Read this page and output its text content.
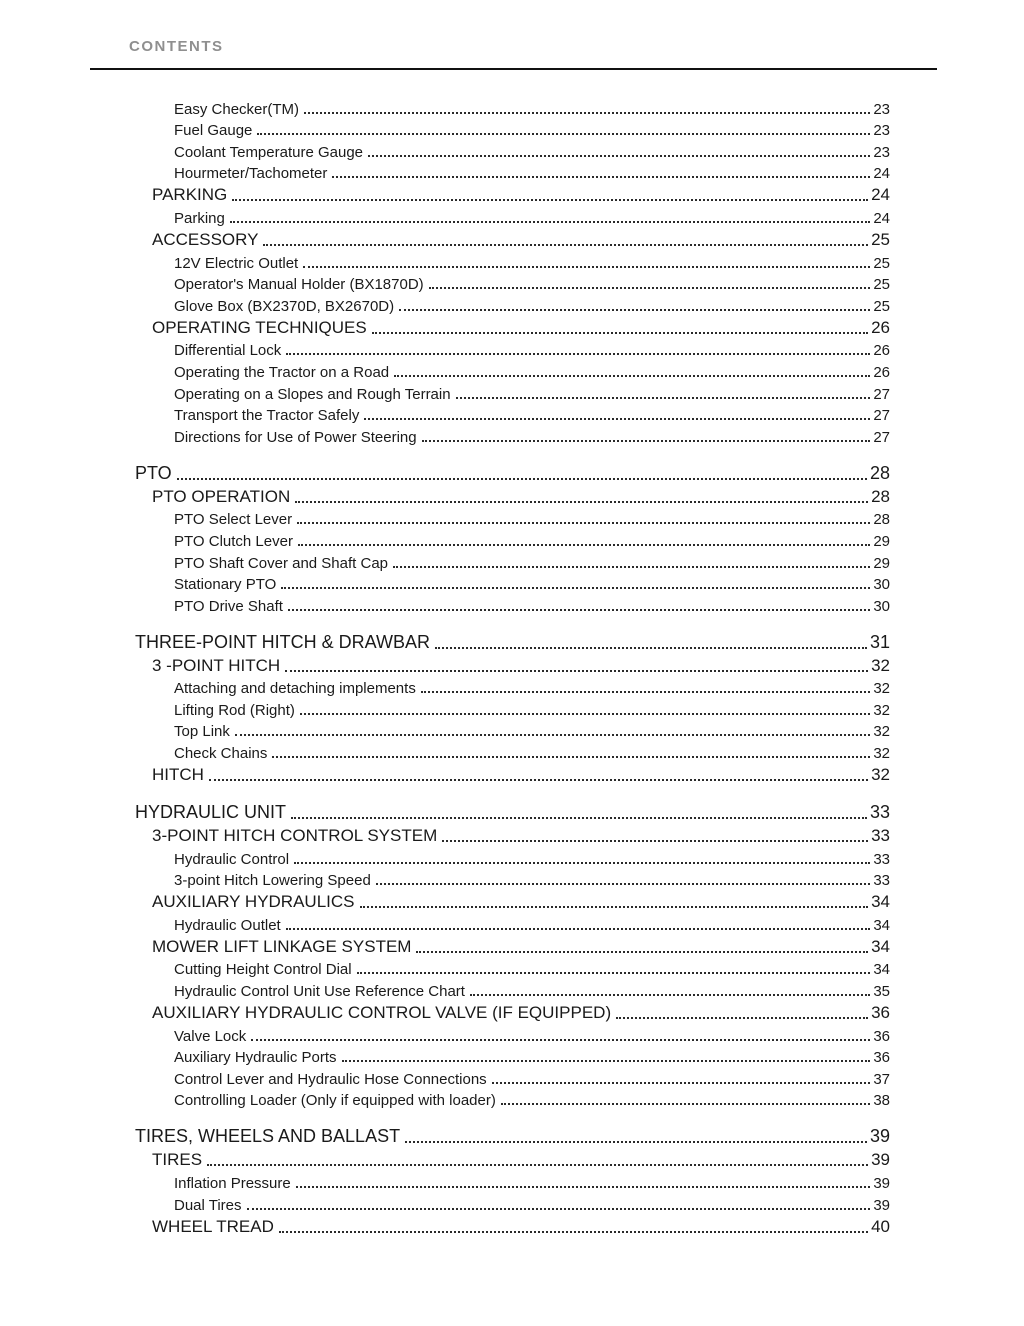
CONTENTS
Easy Checker(TM)	23
Fuel Gauge	23
Coolant Temperature Gauge	23
Hourmeter/Tachometer	24
PARKING	24
Parking	24
ACCESSORY	25
12V Electric Outlet	25
Operator's Manual Holder (BX1870D)	25
Glove Box (BX2370D, BX2670D)	25
OPERATING TECHNIQUES	26
Differential Lock	26
Operating the Tractor on a Road	26
Operating on a Slopes and Rough Terrain	27
Transport the Tractor Safely	27
Directions for Use of Power Steering	27
PTO	28
PTO OPERATION	28
PTO Select Lever	28
PTO Clutch Lever	29
PTO Shaft Cover and Shaft Cap	29
Stationary PTO	30
PTO Drive Shaft	30
THREE-POINT HITCH & DRAWBAR	31
3 -POINT HITCH	32
Attaching and detaching implements	32
Lifting Rod (Right)	32
Top Link	32
Check Chains	32
HITCH	32
HYDRAULIC UNIT	33
3-POINT HITCH CONTROL SYSTEM	33
Hydraulic Control	33
3-point Hitch Lowering Speed	33
AUXILIARY HYDRAULICS	34
Hydraulic Outlet	34
MOWER LIFT LINKAGE SYSTEM	34
Cutting Height Control Dial	34
Hydraulic Control Unit Use Reference Chart	35
AUXILIARY HYDRAULIC CONTROL VALVE (IF EQUIPPED)	36
Valve Lock	36
Auxiliary Hydraulic Ports	36
Control Lever and Hydraulic Hose Connections	37
Controlling Loader (Only if equipped with loader)	38
TIRES, WHEELS AND BALLAST	39
TIRES	39
Inflation Pressure	39
Dual Tires	39
WHEEL TREAD	40
